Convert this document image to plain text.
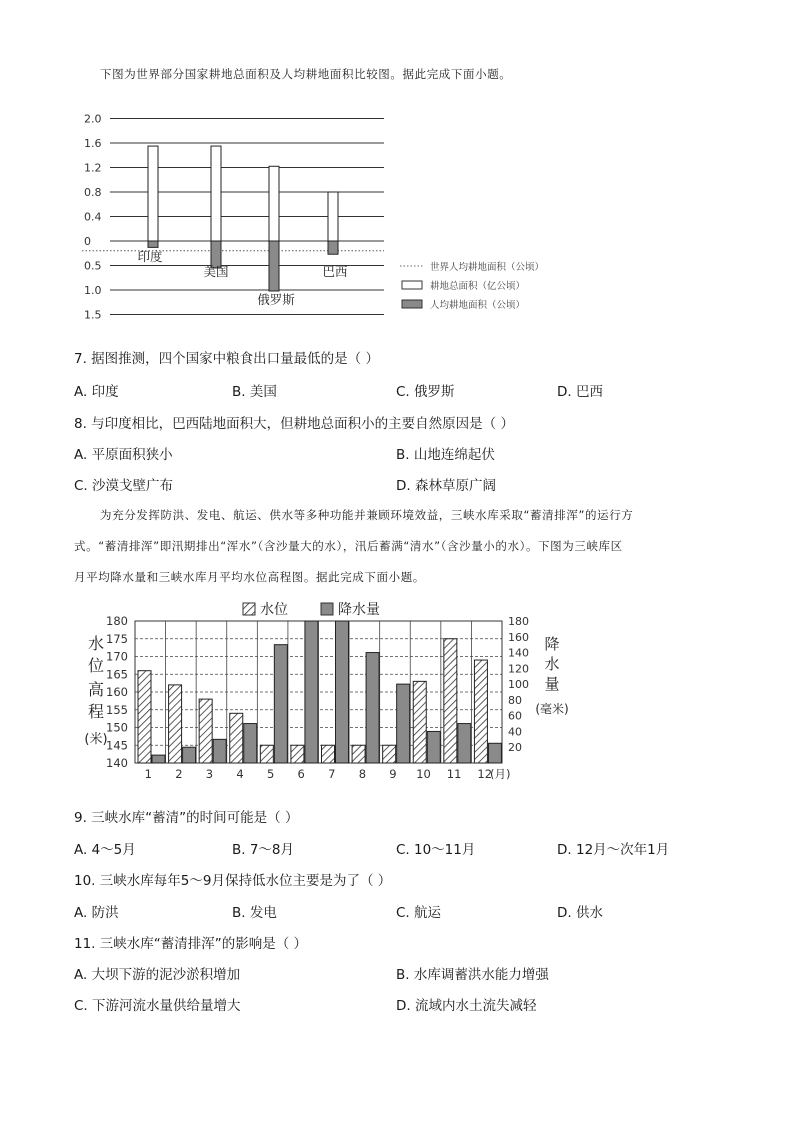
下图为世界部分国家耕地总面积及人均耕地面积比较图。据此完成下面小题。
2.0
1.6
1.2
0.8
0.4
0
0.5
1.0
1.5
印度
美国
俄罗斯
巴西	世界人均耕地面积（公顷）
耕地总面积（亿公顷）
人均耕地面积（公顷）
7. 据图推测，四个国家中粮食出口量最低的是（ ）
A. 印度	B. 美国	C. 俄罗斯	D. 巴西
8. 与印度相比，巴西陆地面积大，但耕地总面积小的主要自然原因是（ ）
A. 平原面积狭小	B. 山地连绵起伏
C. 沙漠戈壁广布	D. 森林草原广阔
为充分发挥防洪、发电、航运、供水等多种功能并兼顾环境效益，三峡水库采取“蓄清排浑”的运行方
式。“蓄清排浑”即汛期排出“浑水”（含沙量大的水），汛后蓄满“清水”（含沙量小的水）。下图为三峡库区
月平均降水量和三峡水库月平均水位高程图。据此完成下面小题。
水位	降水量
180
175
170
165
160
155
150
145
140
180
160
140
120
100
80
60
40
20
1 2 3 4 5 6 7 8 9 10 11 12
(月)
水
位
高
程
(米)
降
水
量
(毫米)
9. 三峡水库“蓄清”的时间可能是（ ）
A. 4～5月	B. 7～8月	C. 10～11月	D. 12月～次年1月
10. 三峡水库每年5～9月保持低水位主要是为了（ ）
A. 防洪	B. 发电	C. 航运	D. 供水
11. 三峡水库“蓄清排浑”的影响是（ ）
A. 大坝下游的泥沙淤积增加	B. 水库调蓄洪水能力增强
C. 下游河流水量供给量增大	D. 流域内水土流失减轻
